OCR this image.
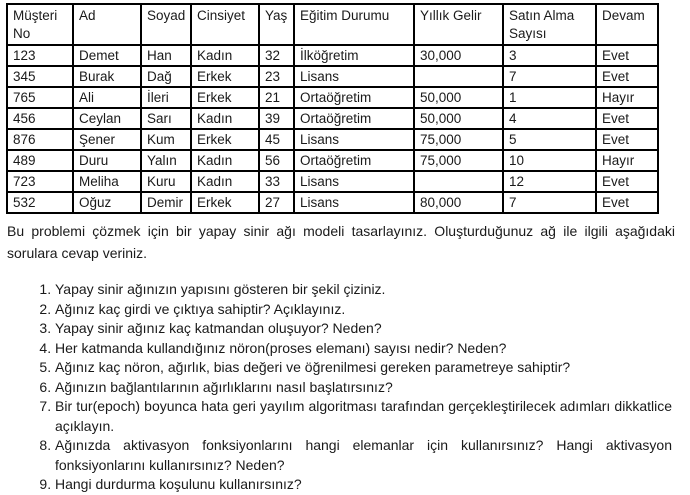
Müşteri No	Ad	Soyad	Cinsiyet	Yaş	Eğitim Durumu	Yıllık Gelir	Satın Alma Sayısı	Devam
123	Demet	Han	Kadın	32	İlköğretim	30,000	3	Evet
345	Burak	Dağ	Erkek	23	Lisans		7	Evet
765	Ali	İleri	Erkek	21	Ortaöğretim	50,000	1	Hayır
456	Ceylan	Sarı	Kadın	39	Ortaöğretim	50,000	4	Evet
876	Şener	Kum	Erkek	45	Lisans	75,000	5	Evet
489	Duru	Yalın	Kadın	56	Ortaöğretim	75,000	10	Hayır
723	Meliha	Kuru	Kadın	33	Lisans		12	Evet
532	Oğuz	Demir	Erkek	27	Lisans	80,000	7	Evet

Bu problemi çözmek için bir yapay sinir ağı modeli tasarlayınız. Oluşturduğunuz ağ ile ilgili aşağıdaki sorulara cevap veriniz.

1. Yapay sinir ağınızın yapısını gösteren bir şekil çiziniz.
2. Ağınız kaç girdi ve çıktıya sahiptir? Açıklayınız.
3. Yapay sinir ağınız kaç katmandan oluşuyor? Neden?
4. Her katmanda kullandığınız nöron(proses elemanı) sayısı nedir? Neden?
5. Ağınız kaç nöron, ağırlık, bias değeri ve öğrenilmesi gereken parametreye sahiptir?
6. Ağınızın bağlantılarının ağırlıklarını nasıl başlatırsınız?
7. Bir tur(epoch) boyunca hata geri yayılım algoritması tarafından gerçekleştirilecek adımları dikkatlice açıklayın.
8. Ağınızda aktivasyon fonksiyonlarını hangi elemanlar için kullanırsınız? Hangi aktivasyon fonksiyonlarını kullanırsınız? Neden?
9. Hangi durdurma koşulunu kullanırsınız?
